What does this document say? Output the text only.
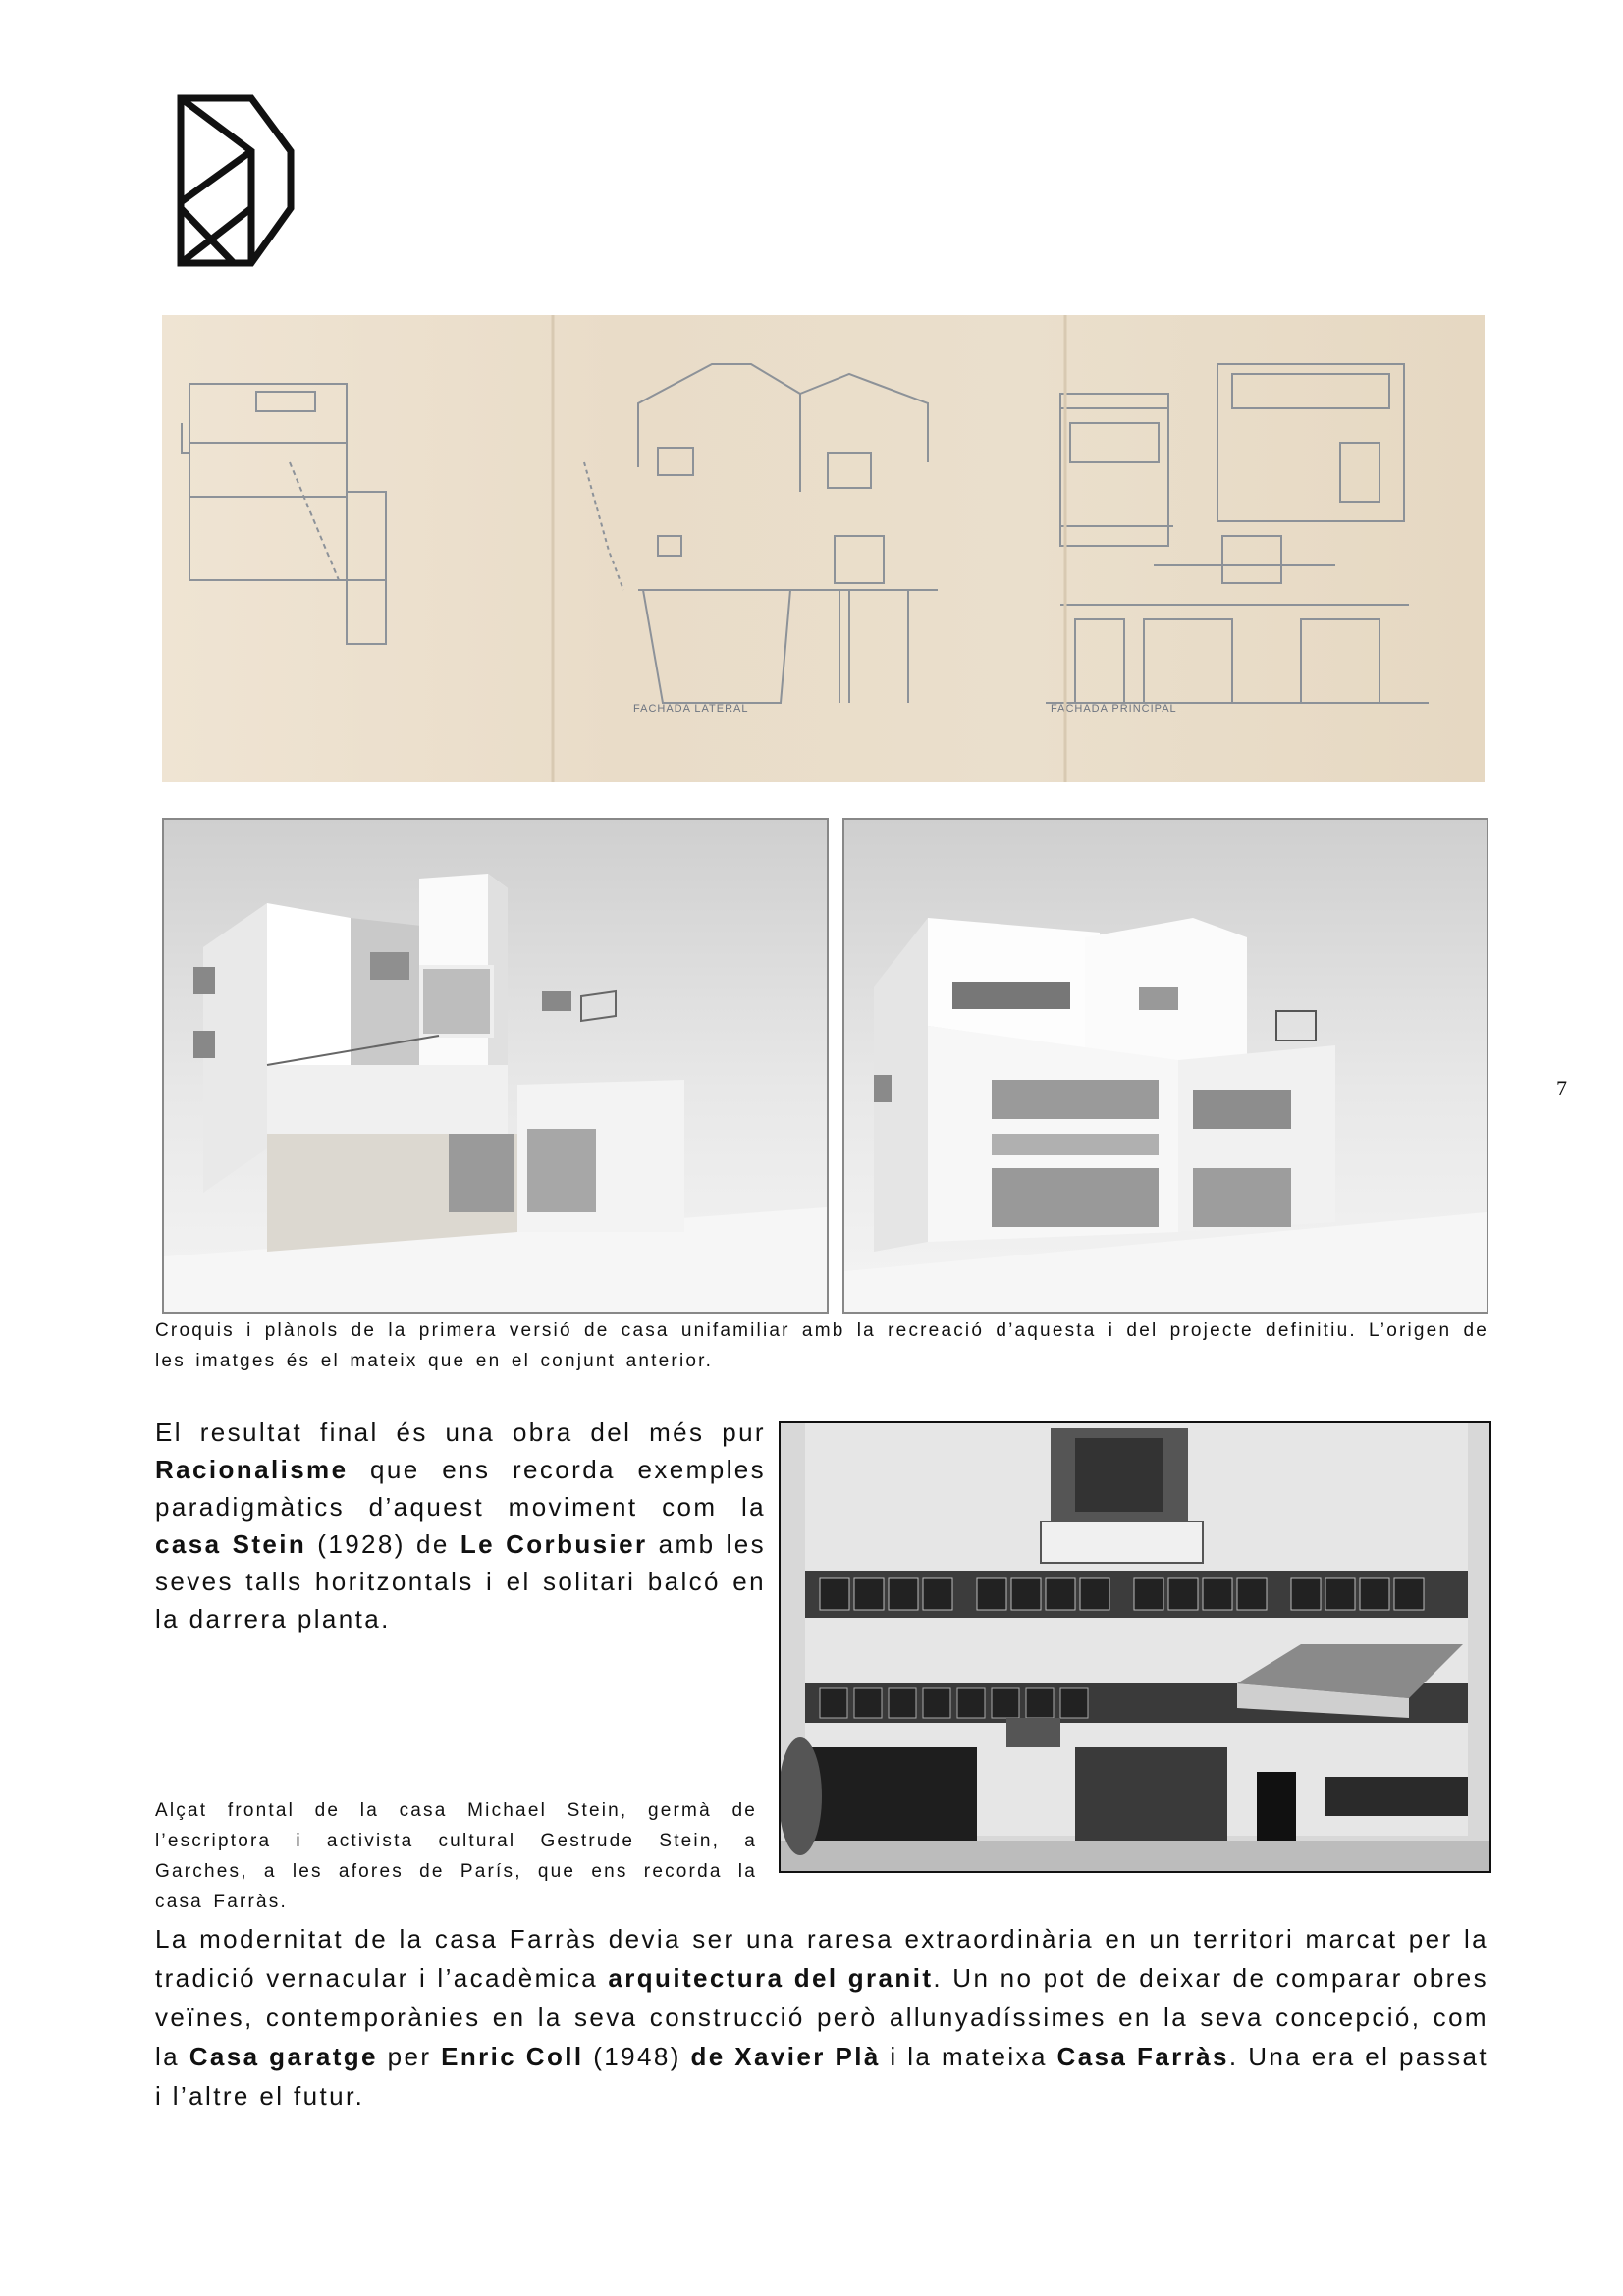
FACHADA LATERAL	FACHADA PRINCIPAL
7
Croquis i plànols de la primera versió de casa unifamiliar amb la recreació d’aquesta i del projecte definitiu. L’origen de les imatges és el mateix que en el conjunt anterior.
El resultat final és una obra del més pur Racionalisme que ens recorda exemples paradigmàtics d’aquest moviment com la casa Stein (1928) de Le Corbusier amb les seves talls horitzontals i el solitari balcó en la darrera planta.
Alçat frontal de la casa Michael Stein, germà de l’escriptora i activista cultural Gestrude Stein, a Garches, a les afores de París, que ens recorda la casa Farràs.
La modernitat de la casa Farràs devia ser una raresa extraordinària en un territori marcat per la tradició vernacular i l’acadèmica arquitectura del granit. Un no pot de deixar de comparar obres veïnes, contemporànies en la seva construcció però allunyadíssimes en la seva concepció, com la Casa garatge per Enric Coll (1948) de Xavier Plà i la mateixa Casa Farràs. Una era el passat i l’altre el futur.
